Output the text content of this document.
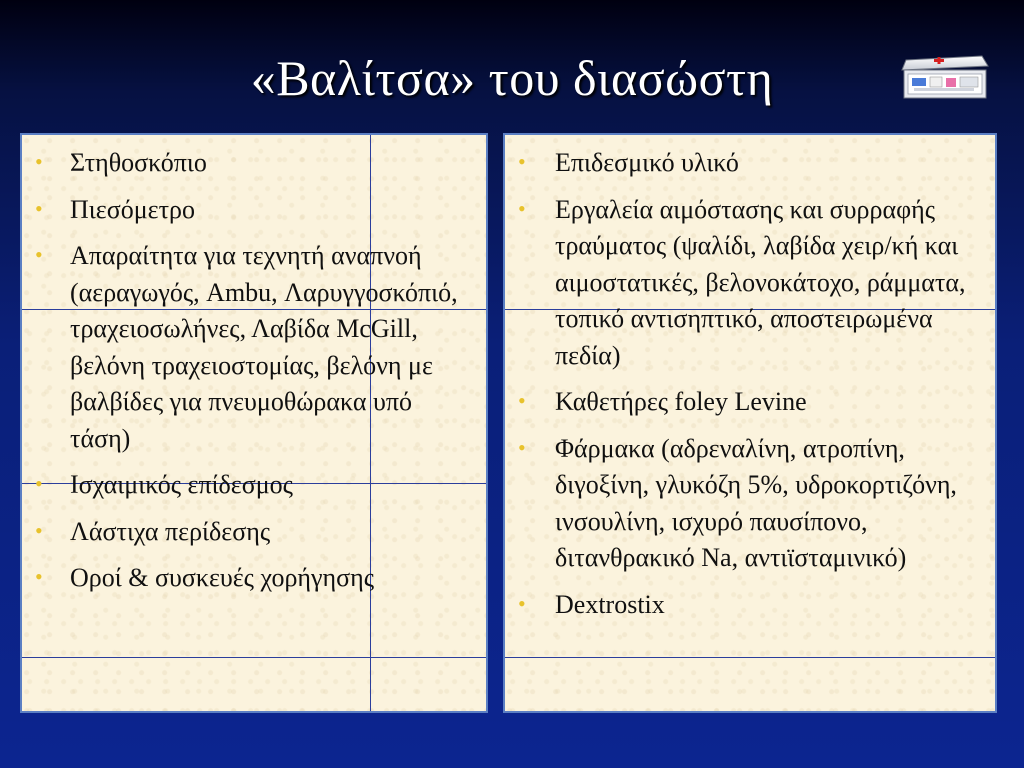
«Βαλίτσα» του διασώστη
• Στηθοσκόπιο
• Πιεσόμετρο
• Απαραίτητα για τεχνητή αναπνοή (αεραγωγός, Ambu, Λαρυγγοσκόπιό, τραχειοσωλήνες, Λαβίδα McGill, βελόνη τραχειοστομίας, βελόνη με βαλβίδες για πνευμοθώρακα υπό τάση)
• Ισχαιμικός επίδεσμος
• Λάστιχα περίδεσης
• Οροί & συσκευές χορήγησης
• Επιδεσμικό υλικό
• Εργαλεία αιμόστασης και συρραφής τραύματος (ψαλίδι, λαβίδα χειρ/κή και αιμοστατικές, βελονοκάτοχο, ράμματα, τοπικό αντισηπτικό, αποστειρωμένα πεδία)
• Καθετήρες foley Levine
• Φάρμακα (αδρεναλίνη, ατροπίνη, διγοξίνη, γλυκόζη 5%, υδροκορτιζόνη, ινσουλίνη, ισχυρό παυσίπονο, διτανθρακικό Na, αντιϊσταμινικό)
• Dextrostix
